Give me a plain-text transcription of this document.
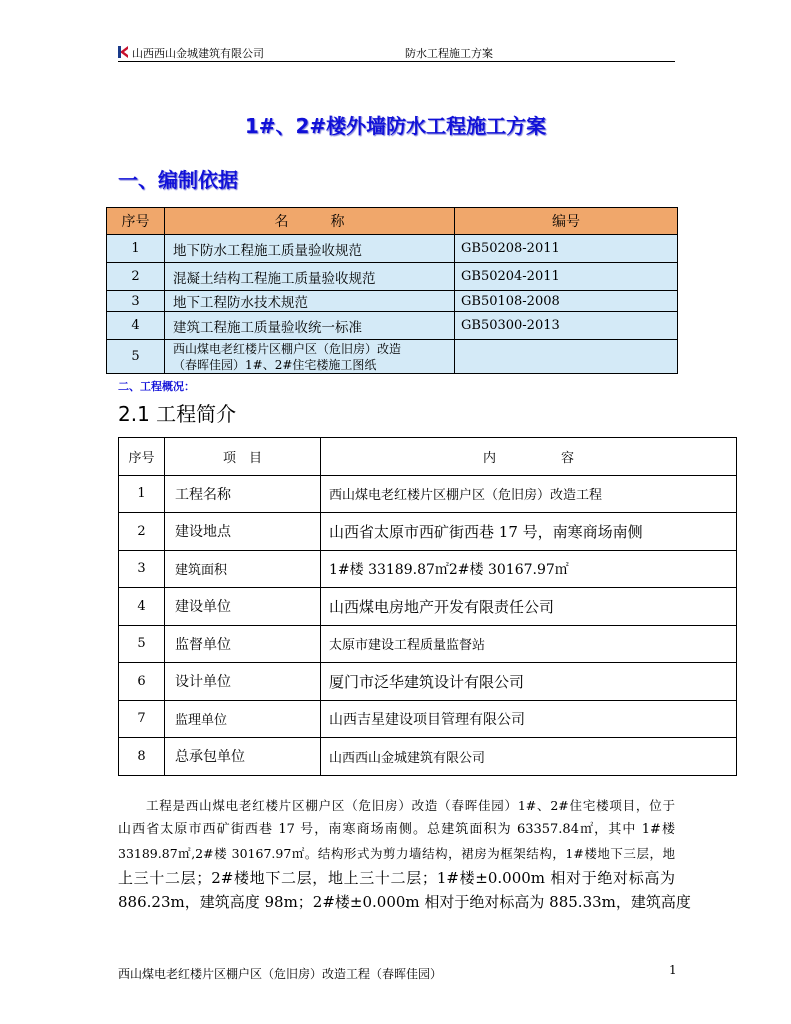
山西西山金城建筑有限公司	防水工程施工方案
1#、2#楼外墙防水工程施工方案
一、编制依据
序号	名　　　称	编号
1	地下防水工程施工质量验收规范	GB50208-2011
2	混凝土结构工程施工质量验收规范	GB50204-2011
3	地下工程防水技术规范	GB50108-2008
4	建筑工程施工质量验收统一标准	GB50300-2013
5	西山煤电老红楼片区棚户区（危旧房）改造
（春晖佳园）1#、2#住宅楼施工图纸	

二、工程概况：
2.1 工程简介
序号	项　目	内　　　　　容
1	工程名称	西山煤电老红楼片区棚户区（危旧房）改造工程
2	建设地点	山西省太原市西矿街西巷 17 号，南寒商场南侧
3	建筑面积	1#楼 33189.87㎡2#楼 30167.97㎡
4	建设单位	山西煤电房地产开发有限责任公司
5	监督单位	太原市建设工程质量监督站
6	设计单位	厦门市泛华建筑设计有限公司
7	监理单位	山西吉星建设项目管理有限公司
8	总承包单位	山西西山金城建筑有限公司
工程是西山煤电老红楼片区棚户区（危旧房）改造（春晖佳园）1#、2#住宅楼项目，位于
山西省太原市西矿街西巷 17 号，南寒商场南侧。总建筑面积为 63357.84㎡，其中 1#楼
33189.87㎡,2#楼 30167.97㎡。结构形式为剪力墙结构，裙房为框架结构，1#楼地下三层，地
上三十二层；2#楼地下二层，地上三十二层；1#楼±0.000m 相对于绝对标高为
886.23m，建筑高度 98m；2#楼±0.000m 相对于绝对标高为 885.33m，建筑高度
西山煤电老红楼片区棚户区（危旧房）改造工程（春晖佳园）	1
